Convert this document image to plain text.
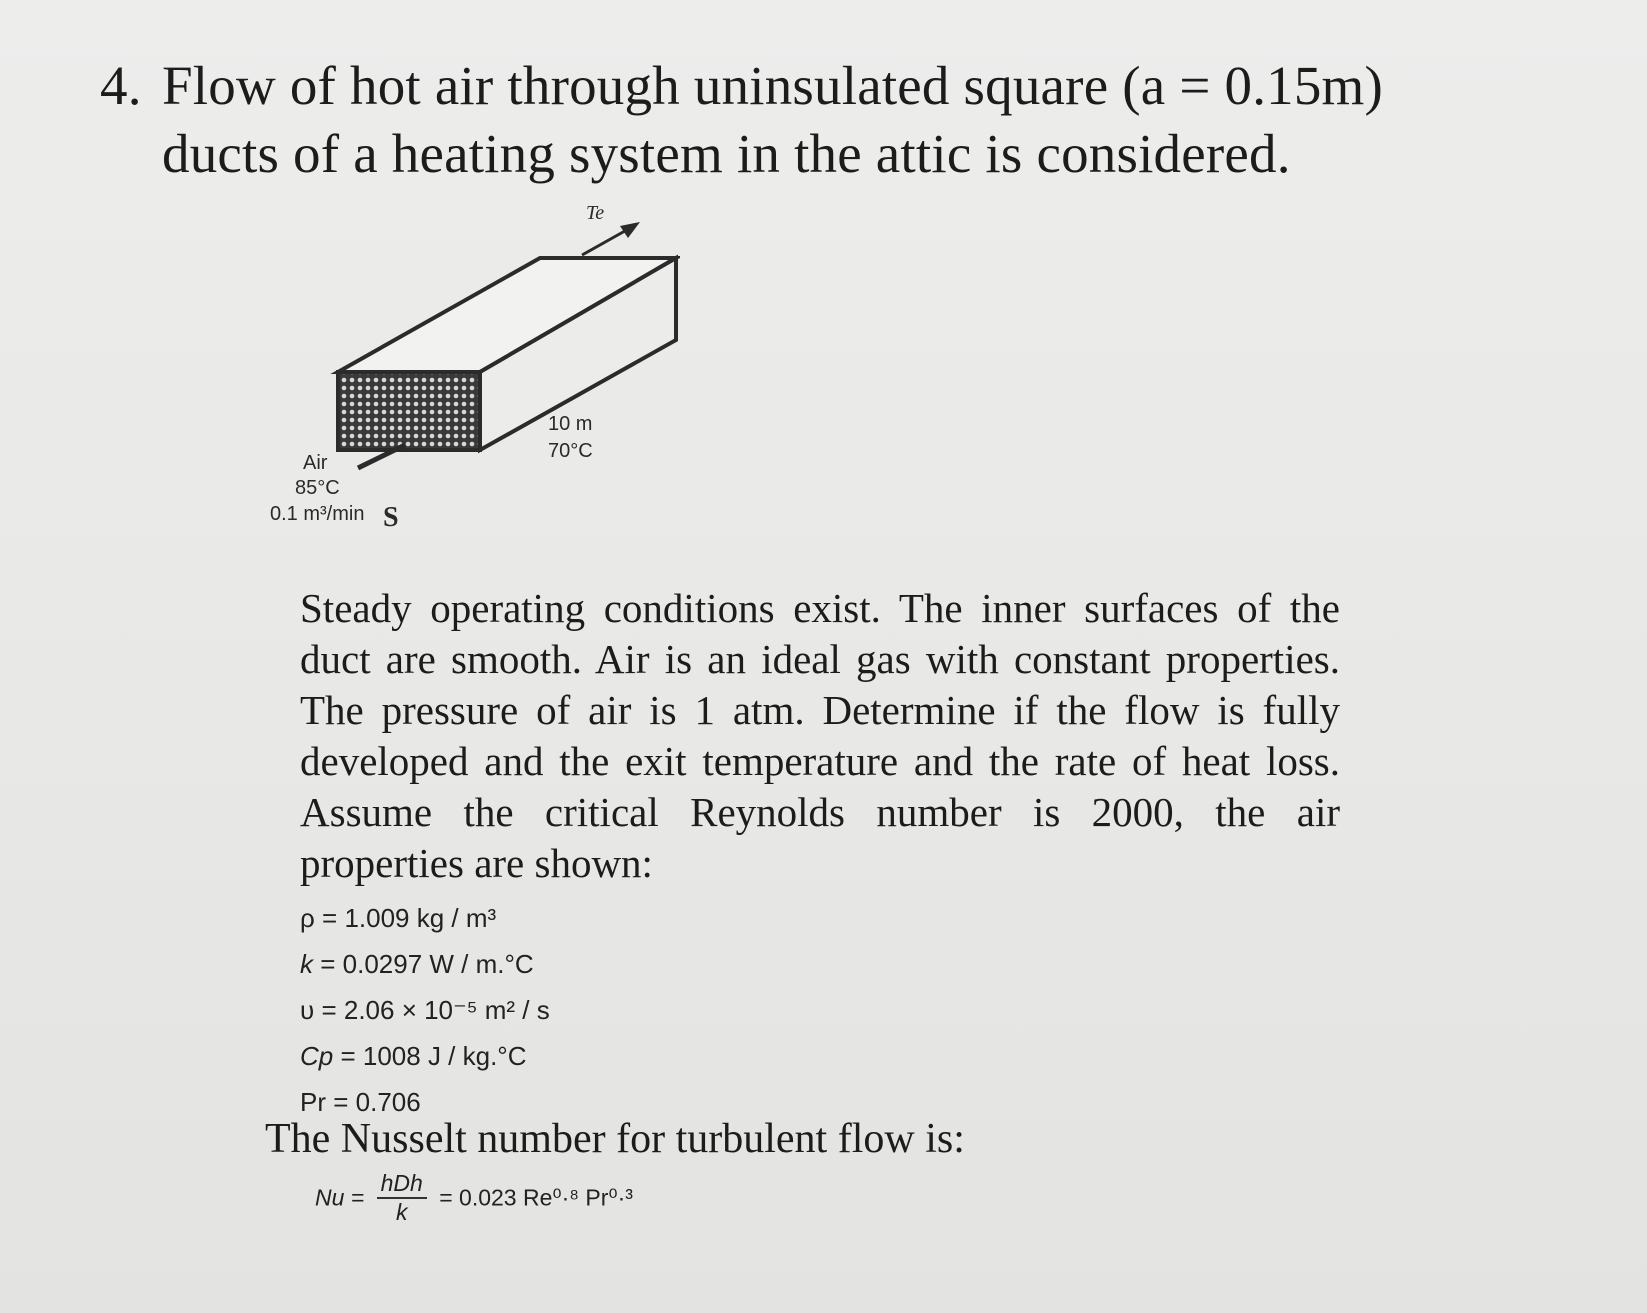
4. Flow of hot air through uninsulated square (a = 0.15m)
ducts of a heating system in the attic is considered.
Te
10 m
70°C
Air
85°C
0.1 m³/min S
Steady operating conditions exist. The inner surfaces of the duct are smooth. Air is an ideal gas with constant properties. The pressure of air is 1 atm. Determine if the flow is fully developed and the exit temperature and the rate of heat loss. Assume the critical Reynolds number is 2000, the air properties are shown:
ρ = 1.009 kg / m³
k = 0.0297 W / m.°C
υ = 2.06 × 10⁻⁵ m² / s
Cp = 1008 J / kg.°C
Pr = 0.706
The Nusselt number for turbulent flow is:
$Nu = \frac{\text{hDh}}{k} = 0.023$ Re⁰·⁸ Pr⁰·³
